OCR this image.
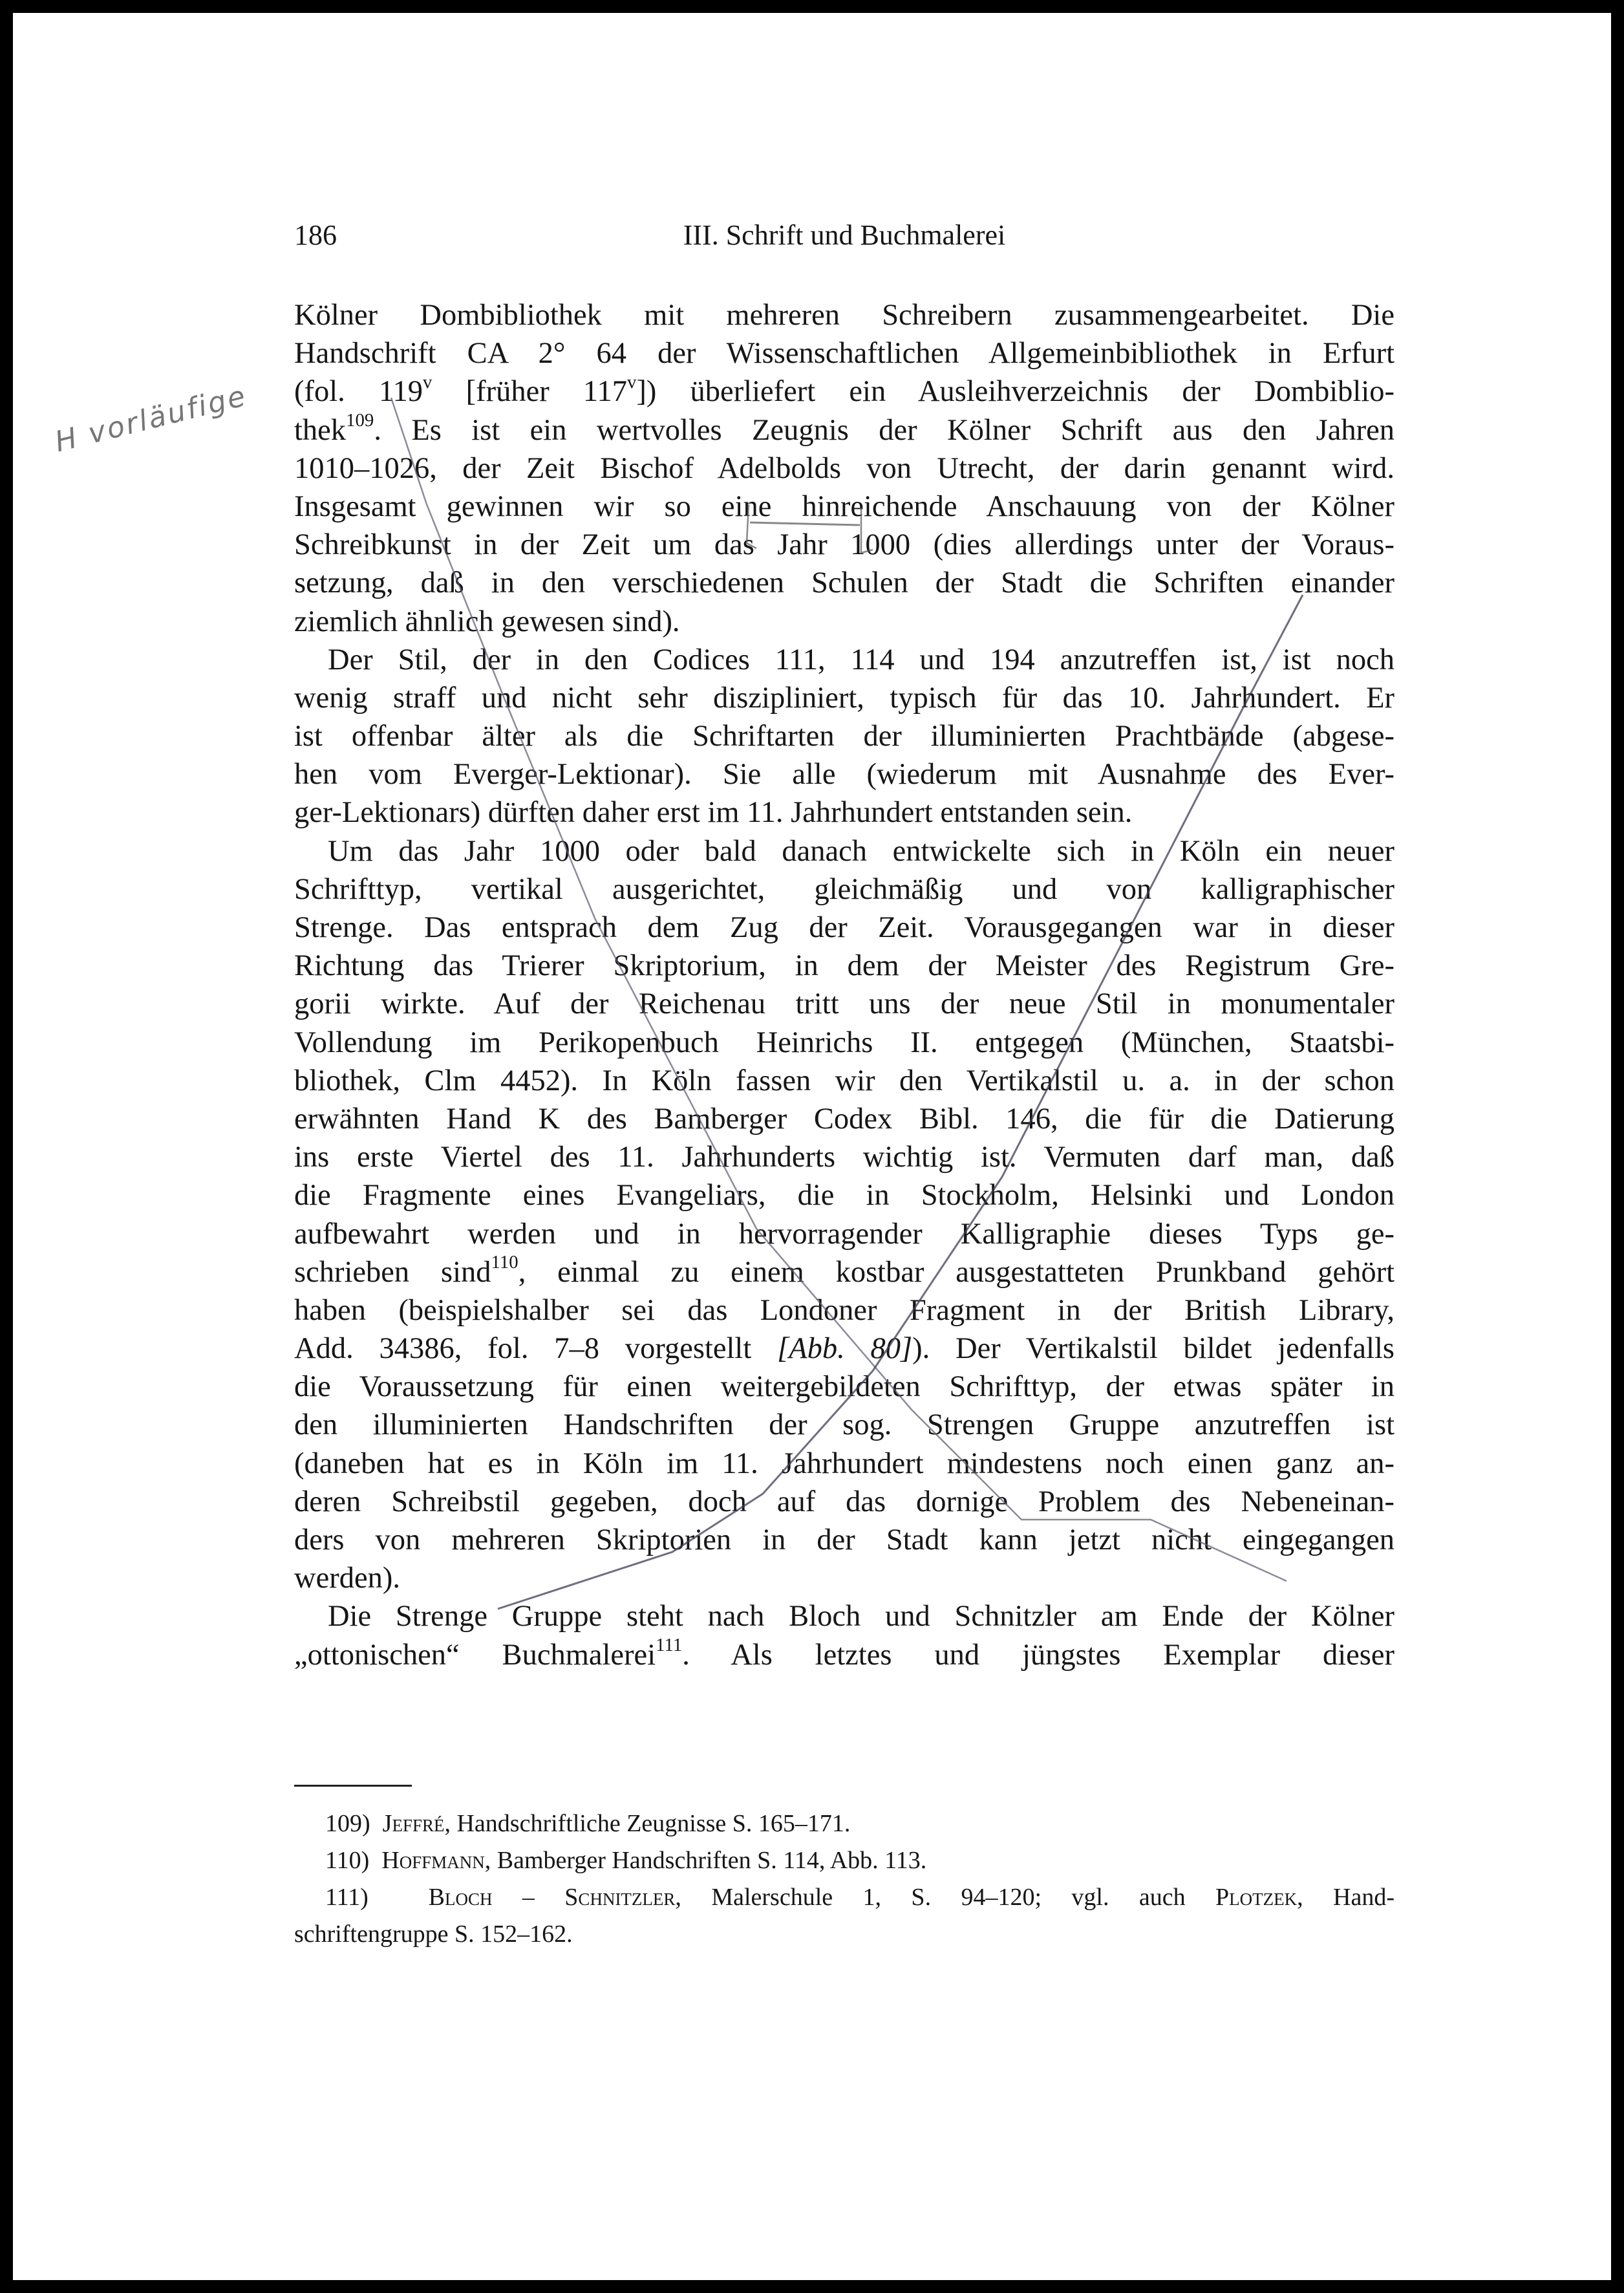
186	III. Schrift und Buchmalerei
H vorläufige
Kölner Dombibliothek mit mehreren Schreibern zusammengearbeitet. Die
Handschrift CA 2° 64 der Wissenschaftlichen Allgemeinbibliothek in Erfurt
(fol. 119$^v$ [früher 117$^v$]) überliefert ein Ausleihverzeichnis der Dombiblio-
thek$^{109}$. Es ist ein wertvolles Zeugnis der Kölner Schrift aus den Jahren
1010–1026, der Zeit Bischof Adelbolds von Utrecht, der darin genannt wird.
Insgesamt gewinnen wir so eine hinreichende Anschauung von der Kölner
Schreibkunst in der Zeit um das Jahr 1000 (dies allerdings unter der Voraus-
setzung, daß in den verschiedenen Schulen der Stadt die Schriften einander
ziemlich ähnlich gewesen sind).
Der Stil, der in den Codices 111, 114 und 194 anzutreffen ist, ist noch
wenig straff und nicht sehr diszipliniert, typisch für das 10. Jahrhundert. Er
ist offenbar älter als die Schriftarten der illuminierten Prachtbände (abgese-
hen vom Everger-Lektionar). Sie alle (wiederum mit Ausnahme des Ever-
ger-Lektionars) dürften daher erst im 11. Jahrhundert entstanden sein.
Um das Jahr 1000 oder bald danach entwickelte sich in Köln ein neuer
Schrifttyp, vertikal ausgerichtet, gleichmäßig und von kalligraphischer
Strenge. Das entsprach dem Zug der Zeit. Vorausgegangen war in dieser
Richtung das Trierer Skriptorium, in dem der Meister des Registrum Gre-
gorii wirkte. Auf der Reichenau tritt uns der neue Stil in monumentaler
Vollendung im Perikopenbuch Heinrichs II. entgegen (München, Staatsbi-
bliothek, Clm 4452). In Köln fassen wir den Vertikalstil u. a. in der schon
erwähnten Hand K des Bamberger Codex Bibl. 146, die für die Datierung
ins erste Viertel des 11. Jahrhunderts wichtig ist. Vermuten darf man, daß
die Fragmente eines Evangeliars, die in Stockholm, Helsinki und London
aufbewahrt werden und in hervorragender Kalligraphie dieses Typs ge-
schrieben sind$^{110}$, einmal zu einem kostbar ausgestatteten Prunkband gehört
haben (beispielshalber sei das Londoner Fragment in der British Library,
Add. 34386, fol. 7–8 vorgestellt [Abb. 80]). Der Vertikalstil bildet jedenfalls
die Voraussetzung für einen weitergebildeten Schrifttyp, der etwas später in
den illuminierten Handschriften der sog. Strengen Gruppe anzutreffen ist
(daneben hat es in Köln im 11. Jahrhundert mindestens noch einen ganz an-
deren Schreibstil gegeben, doch auf das dornige Problem des Nebeneinan-
ders von mehreren Skriptorien in der Stadt kann jetzt nicht eingegangen
werden).
Die Strenge Gruppe steht nach Bloch und Schnitzler am Ende der Kölner
„ottonischen“ Buchmalerei$^{111}$. Als letztes und jüngstes Exemplar dieser
109) Jeffré, Handschriftliche Zeugnisse S. 165–171.
110) Hoffmann, Bamberger Handschriften S. 114, Abb. 113.
111) Bloch – Schnitzler, Malerschule 1, S. 94–120; vgl. auch Plotzek, Hand-
schriftengruppe S. 152–162.
